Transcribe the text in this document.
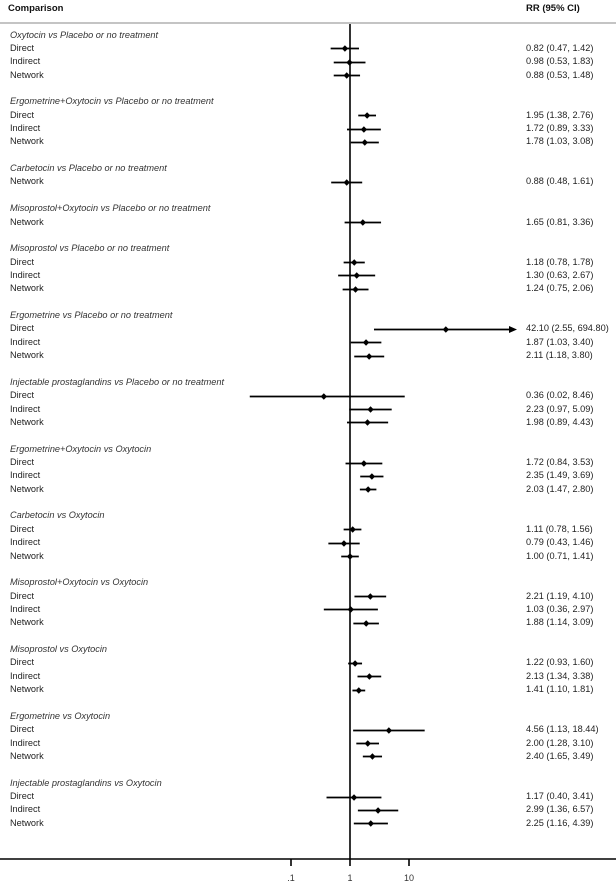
Comparison	RR (95% CI)
Oxytocin vs Placebo or no treatment
Direct	0.82 (0.47, 1.42)
Indirect	0.98 (0.53, 1.83)
Network	0.88 (0.53, 1.48)
Ergometrine+Oxytocin vs Placebo or no treatment
Direct	1.95 (1.38, 2.76)
Indirect	1.72 (0.89, 3.33)
Network	1.78 (1.03, 3.08)
Carbetocin vs Placebo or no treatment
Network	0.88 (0.48, 1.61)
Misoprostol+Oxytocin vs Placebo or no treatment
Network	1.65 (0.81, 3.36)
Misoprostol vs Placebo or no treatment
Direct	1.18 (0.78, 1.78)
Indirect	1.30 (0.63, 2.67)
Network	1.24 (0.75, 2.06)
Ergometrine vs Placebo or no treatment
Direct	42.10 (2.55, 694.80)
Indirect	1.87 (1.03, 3.40)
Network	2.11 (1.18, 3.80)
Injectable prostaglandins vs Placebo or no treatment
Direct	0.36 (0.02, 8.46)
Indirect	2.23 (0.97, 5.09)
Network	1.98 (0.89, 4.43)
Ergometrine+Oxytocin vs Oxytocin
Direct	1.72 (0.84, 3.53)
Indirect	2.35 (1.49, 3.69)
Network	2.03 (1.47, 2.80)
Carbetocin vs Oxytocin
Direct	1.11 (0.78, 1.56)
Indirect	0.79 (0.43, 1.46)
Network	1.00 (0.71, 1.41)
Misoprostol+Oxytocin vs Oxytocin
Direct	2.21 (1.19, 4.10)
Indirect	1.03 (0.36, 2.97)
Network	1.88 (1.14, 3.09)
Misoprostol vs Oxytocin
Direct	1.22 (0.93, 1.60)
Indirect	2.13 (1.34, 3.38)
Network	1.41 (1.10, 1.81)
Ergometrine vs Oxytocin
Direct	4.56 (1.13, 18.44)
Indirect	2.00 (1.28, 3.10)
Network	2.40 (1.65, 3.49)
Injectable prostaglandins vs Oxytocin
Direct	1.17 (0.40, 3.41)
Indirect	2.99 (1.36, 6.57)
Network	2.25 (1.16, 4.39)
.1	1	10
